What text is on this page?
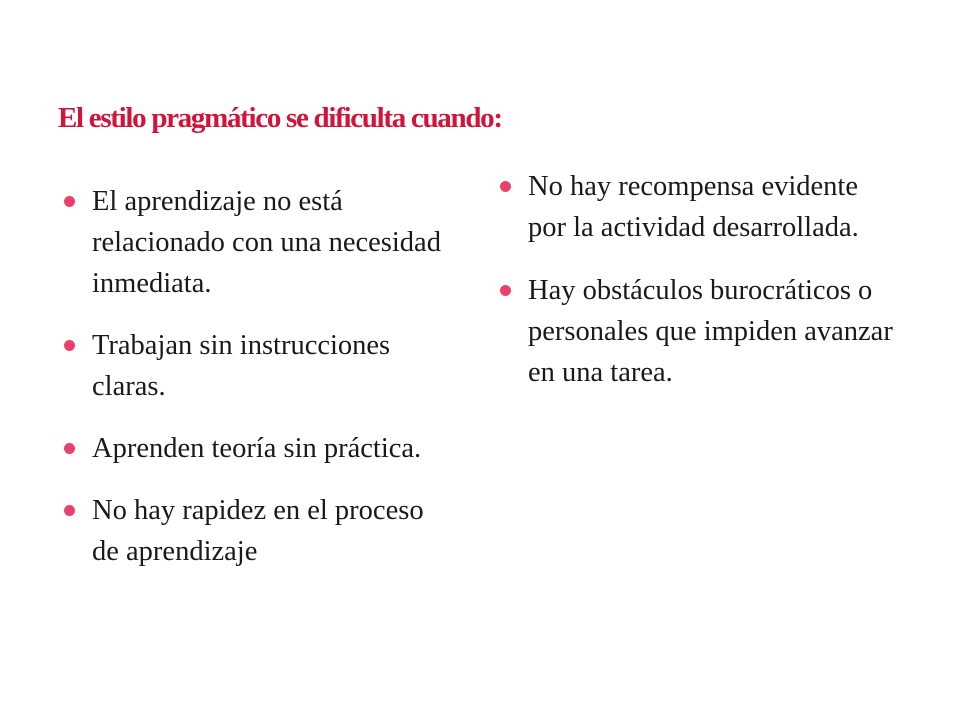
El estilo pragmático se dificulta cuando:
El aprendizaje no está relacionado con una necesidad inmediata.
Trabajan sin instrucciones claras.
Aprenden teoría sin práctica.
No hay rapidez en el proceso de aprendizaje
No hay recompensa evidente por la actividad desarrollada.
Hay obstáculos burocráticos o personales que impiden avanzar en una tarea.
